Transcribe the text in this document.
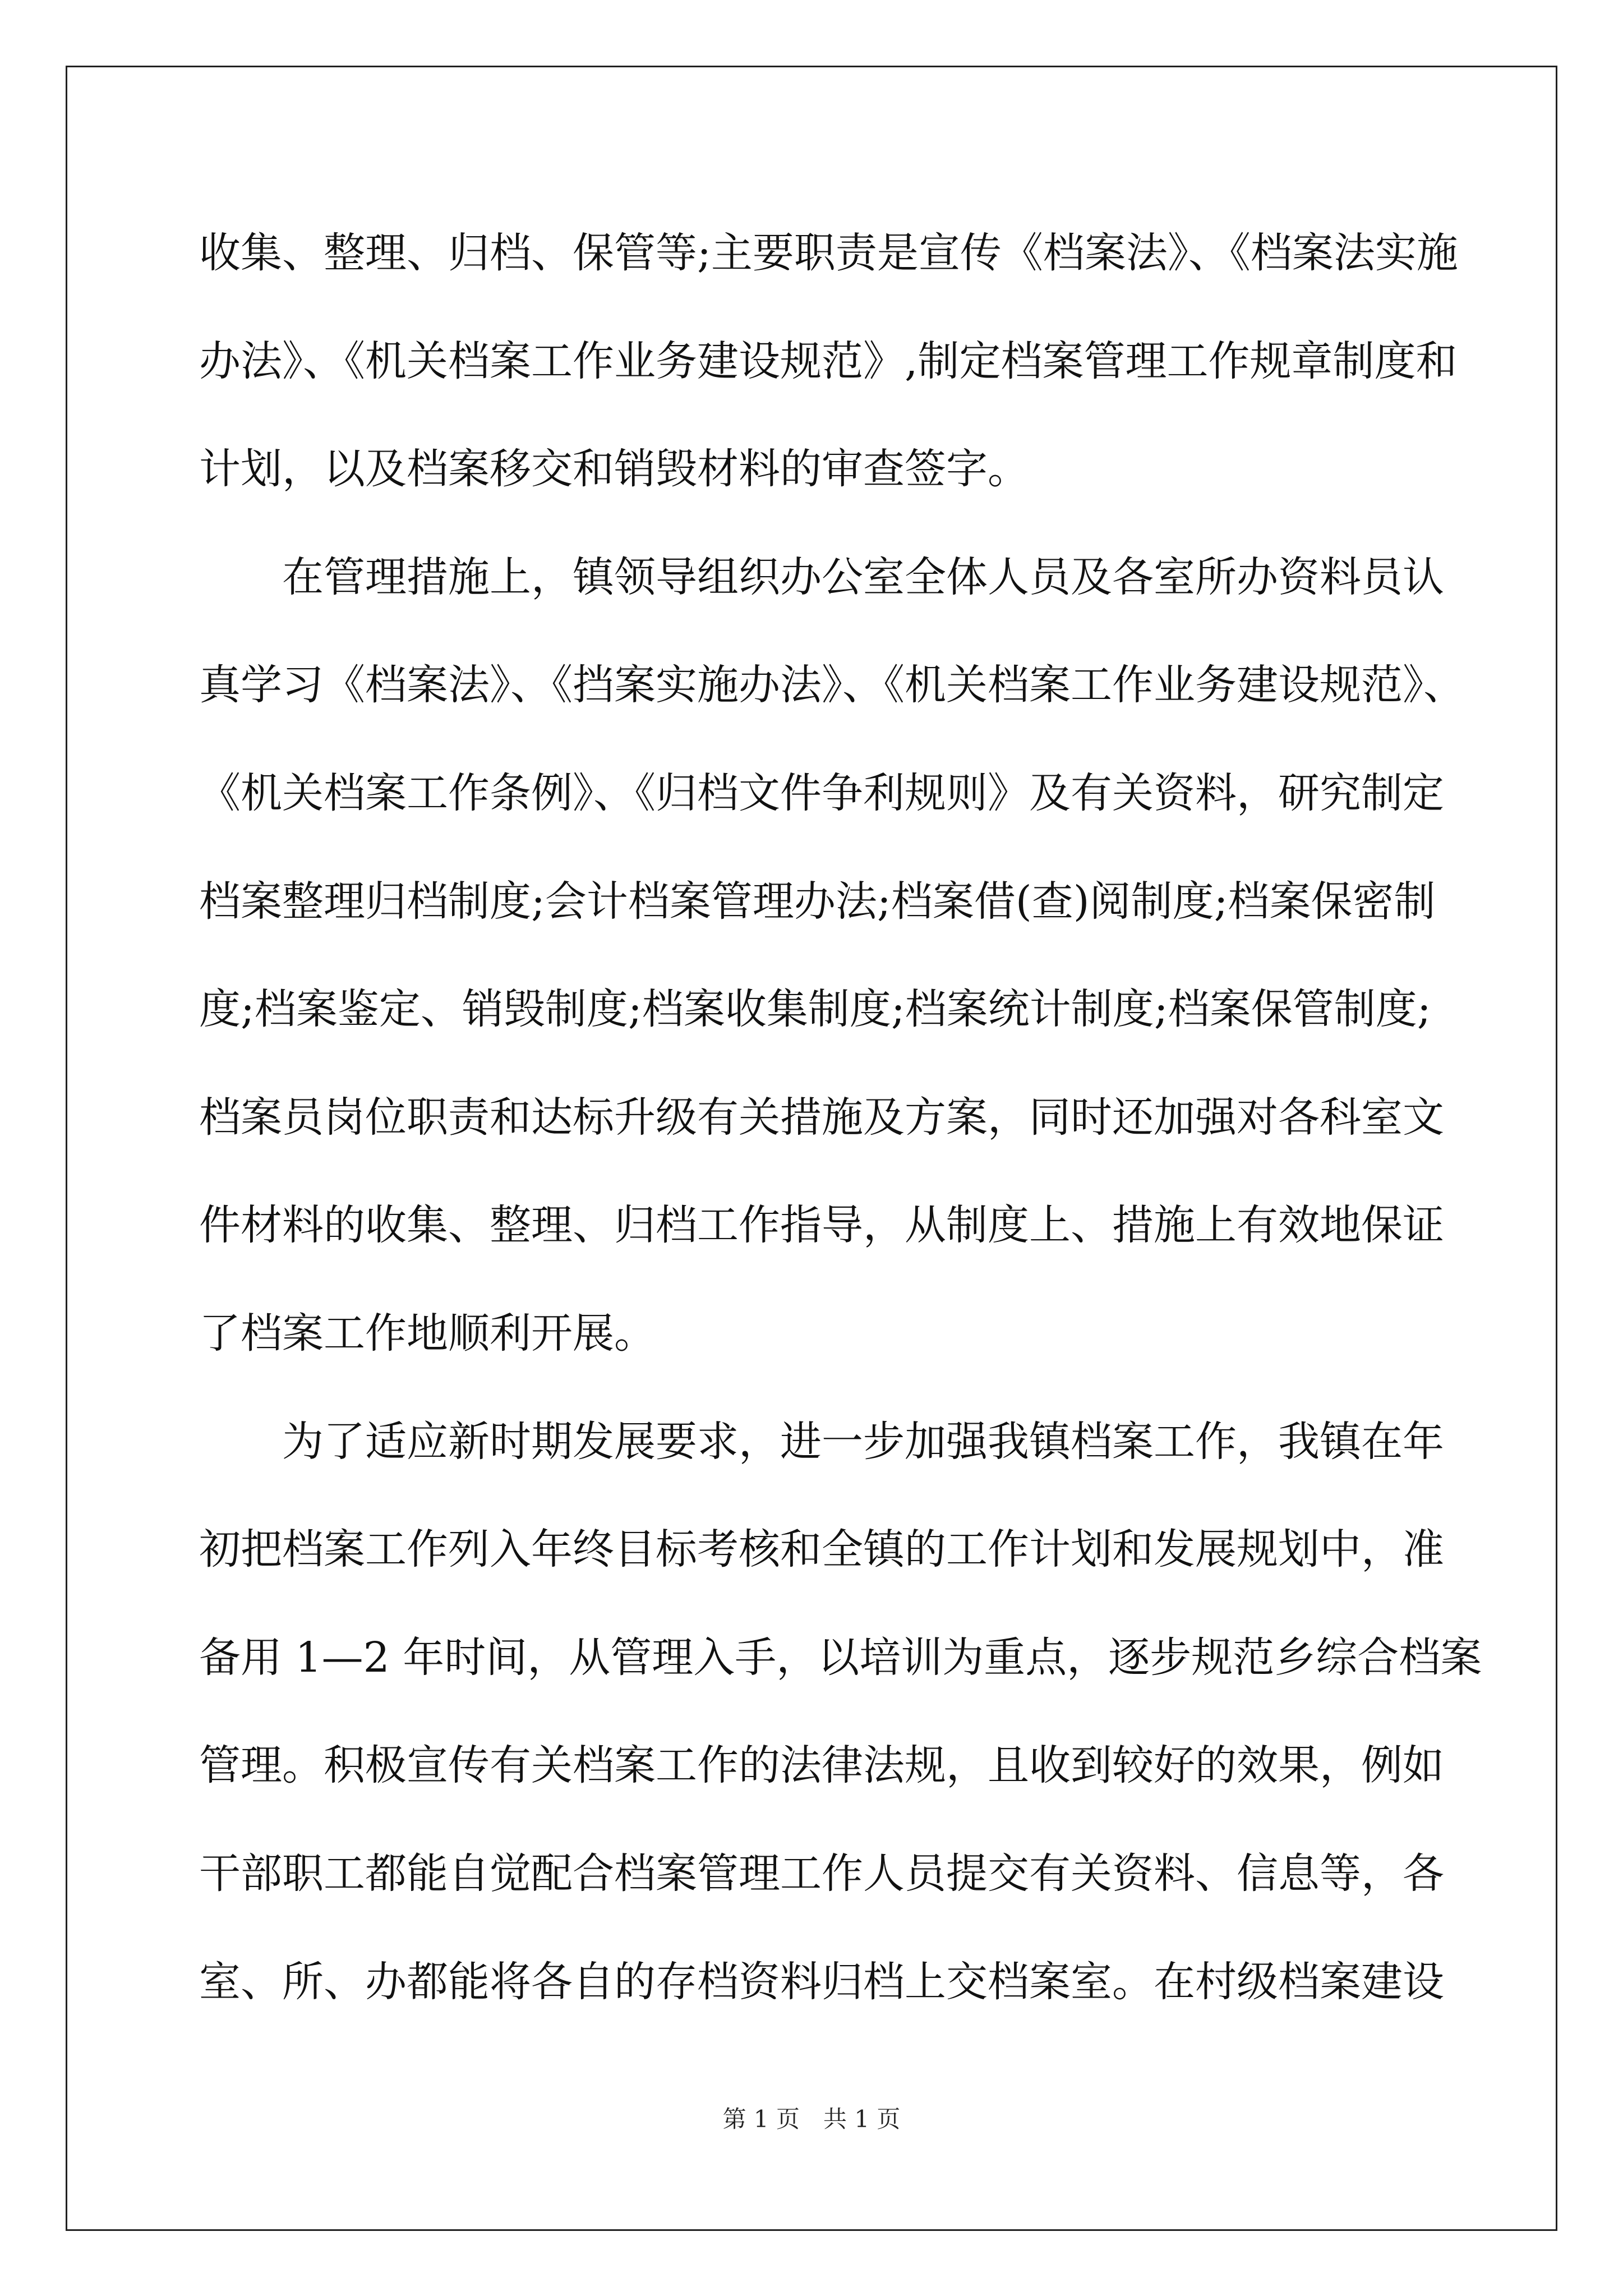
收集、整理、归档、保管等;主要职责是宣传《档案法》、《档案法实施
办法》、《机关档案工作业务建设规范》,制定档案管理工作规章制度和
计划，以及档案移交和销毁材料的审查签字。
在管理措施上，镇领导组织办公室全体人员及各室所办资料员认
真学习《档案法》、《挡案实施办法》、《机关档案工作业务建设规范》、
《机关档案工作条例》、《归档文件争利规则》及有关资料，研究制定
档案整理归档制度;会计档案管理办法;档案借(查)阅制度;档案保密制
度;档案鉴定、销毁制度;档案收集制度;档案统计制度;档案保管制度;
档案员岗位职责和达标升级有关措施及方案，同时还加强对各科室文
件材料的收集、整理、归档工作指导，从制度上、措施上有效地保证
了档案工作地顺利开展。
为了适应新时期发展要求，进一步加强我镇档案工作，我镇在年
初把档案工作列入年终目标考核和全镇的工作计划和发展规划中，准
备用 1—2 年时间，从管理入手，以培训为重点，逐步规范乡综合档案
管理。积极宣传有关档案工作的法律法规，且收到较好的效果，例如
干部职工都能自觉配合档案管理工作人员提交有关资料、信息等，各
室、所、办都能将各自的存档资料归档上交档案室。在村级档案建设
第 1 页　共 1 页
